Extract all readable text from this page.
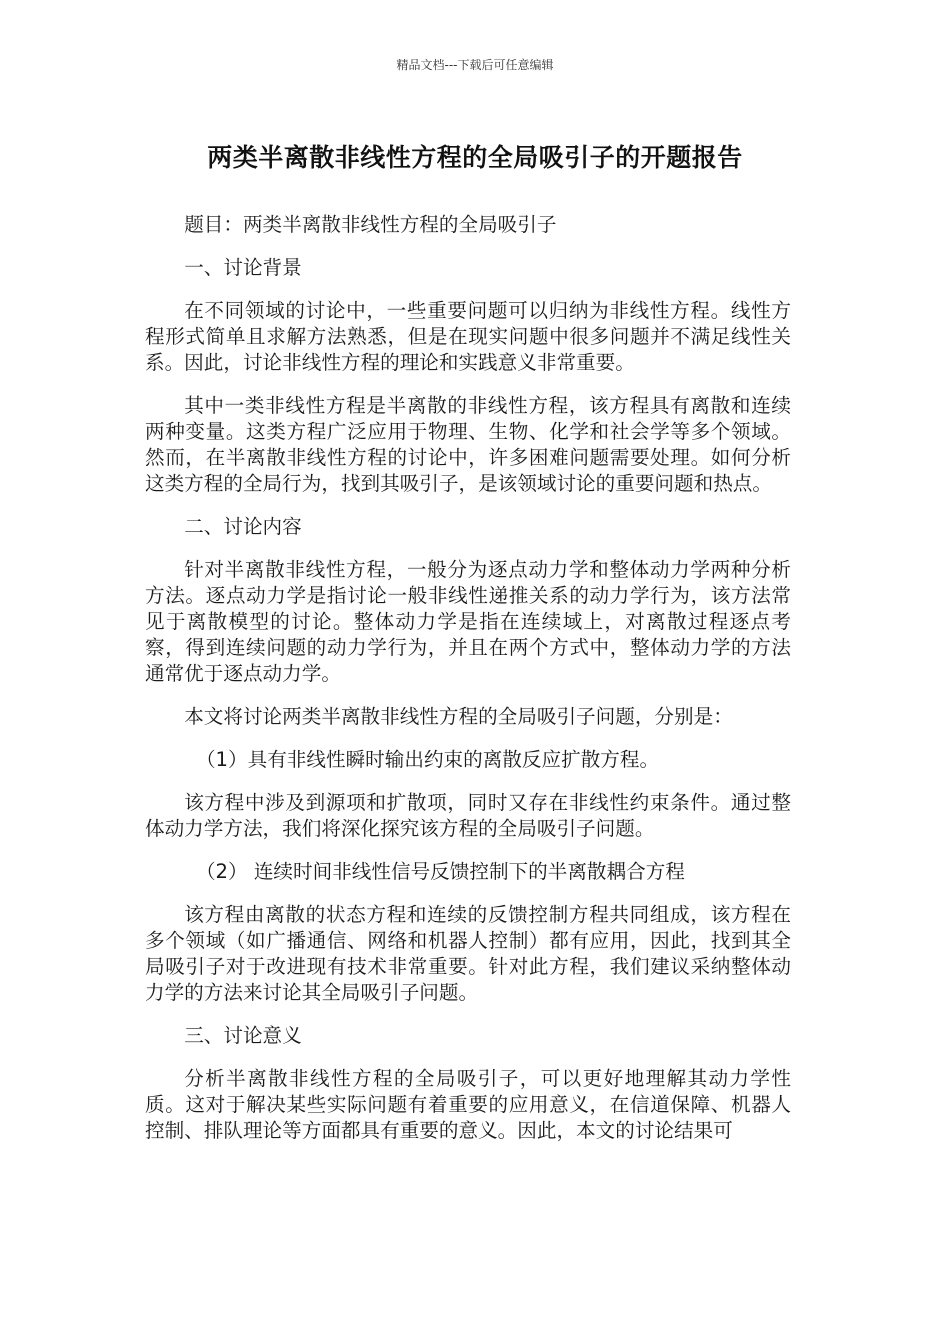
精品文档---下载后可任意编辑
两类半离散非线性方程的全局吸引子的开题报告

题目：两类半离散非线性方程的全局吸引子

一、讨论背景

在不同领域的讨论中，一些重要问题可以归纳为非线性方程。线性方程形式简单且求解方法熟悉，但是在现实问题中很多问题并不满足线性关系。因此，讨论非线性方程的理论和实践意义非常重要。

其中一类非线性方程是半离散的非线性方程，该方程具有离散和连续两种变量。这类方程广泛应用于物理、生物、化学和社会学等多个领域。然而，在半离散非线性方程的讨论中，许多困难问题需要处理。如何分析这类方程的全局行为，找到其吸引子，是该领域讨论的重要问题和热点。

二、讨论内容

针对半离散非线性方程，一般分为逐点动力学和整体动力学两种分析方法。逐点动力学是指讨论一般非线性递推关系的动力学行为，该方法常见于离散模型的讨论。整体动力学是指在连续域上，对离散过程逐点考察，得到连续问题的动力学行为，并且在两个方式中，整体动力学的方法通常优于逐点动力学。

本文将讨论两类半离散非线性方程的全局吸引子问题，分别是：

（1）具有非线性瞬时输出约束的离散反应扩散方程。

该方程中涉及到源项和扩散项，同时又存在非线性约束条件。通过整体动力学方法，我们将深化探究该方程的全局吸引子问题。

（2） 连续时间非线性信号反馈控制下的半离散耦合方程

该方程由离散的状态方程和连续的反馈控制方程共同组成，该方程在多个领域（如广播通信、网络和机器人控制）都有应用，因此，找到其全局吸引子对于改进现有技术非常重要。针对此方程，我们建议采纳整体动力学的方法来讨论其全局吸引子问题。

三、讨论意义

分析半离散非线性方程的全局吸引子，可以更好地理解其动力学性质。这对于解决某些实际问题有着重要的应用意义，在信道保障、机器人控制、排队理论等方面都具有重要的意义。因此，本文的讨论结果可
